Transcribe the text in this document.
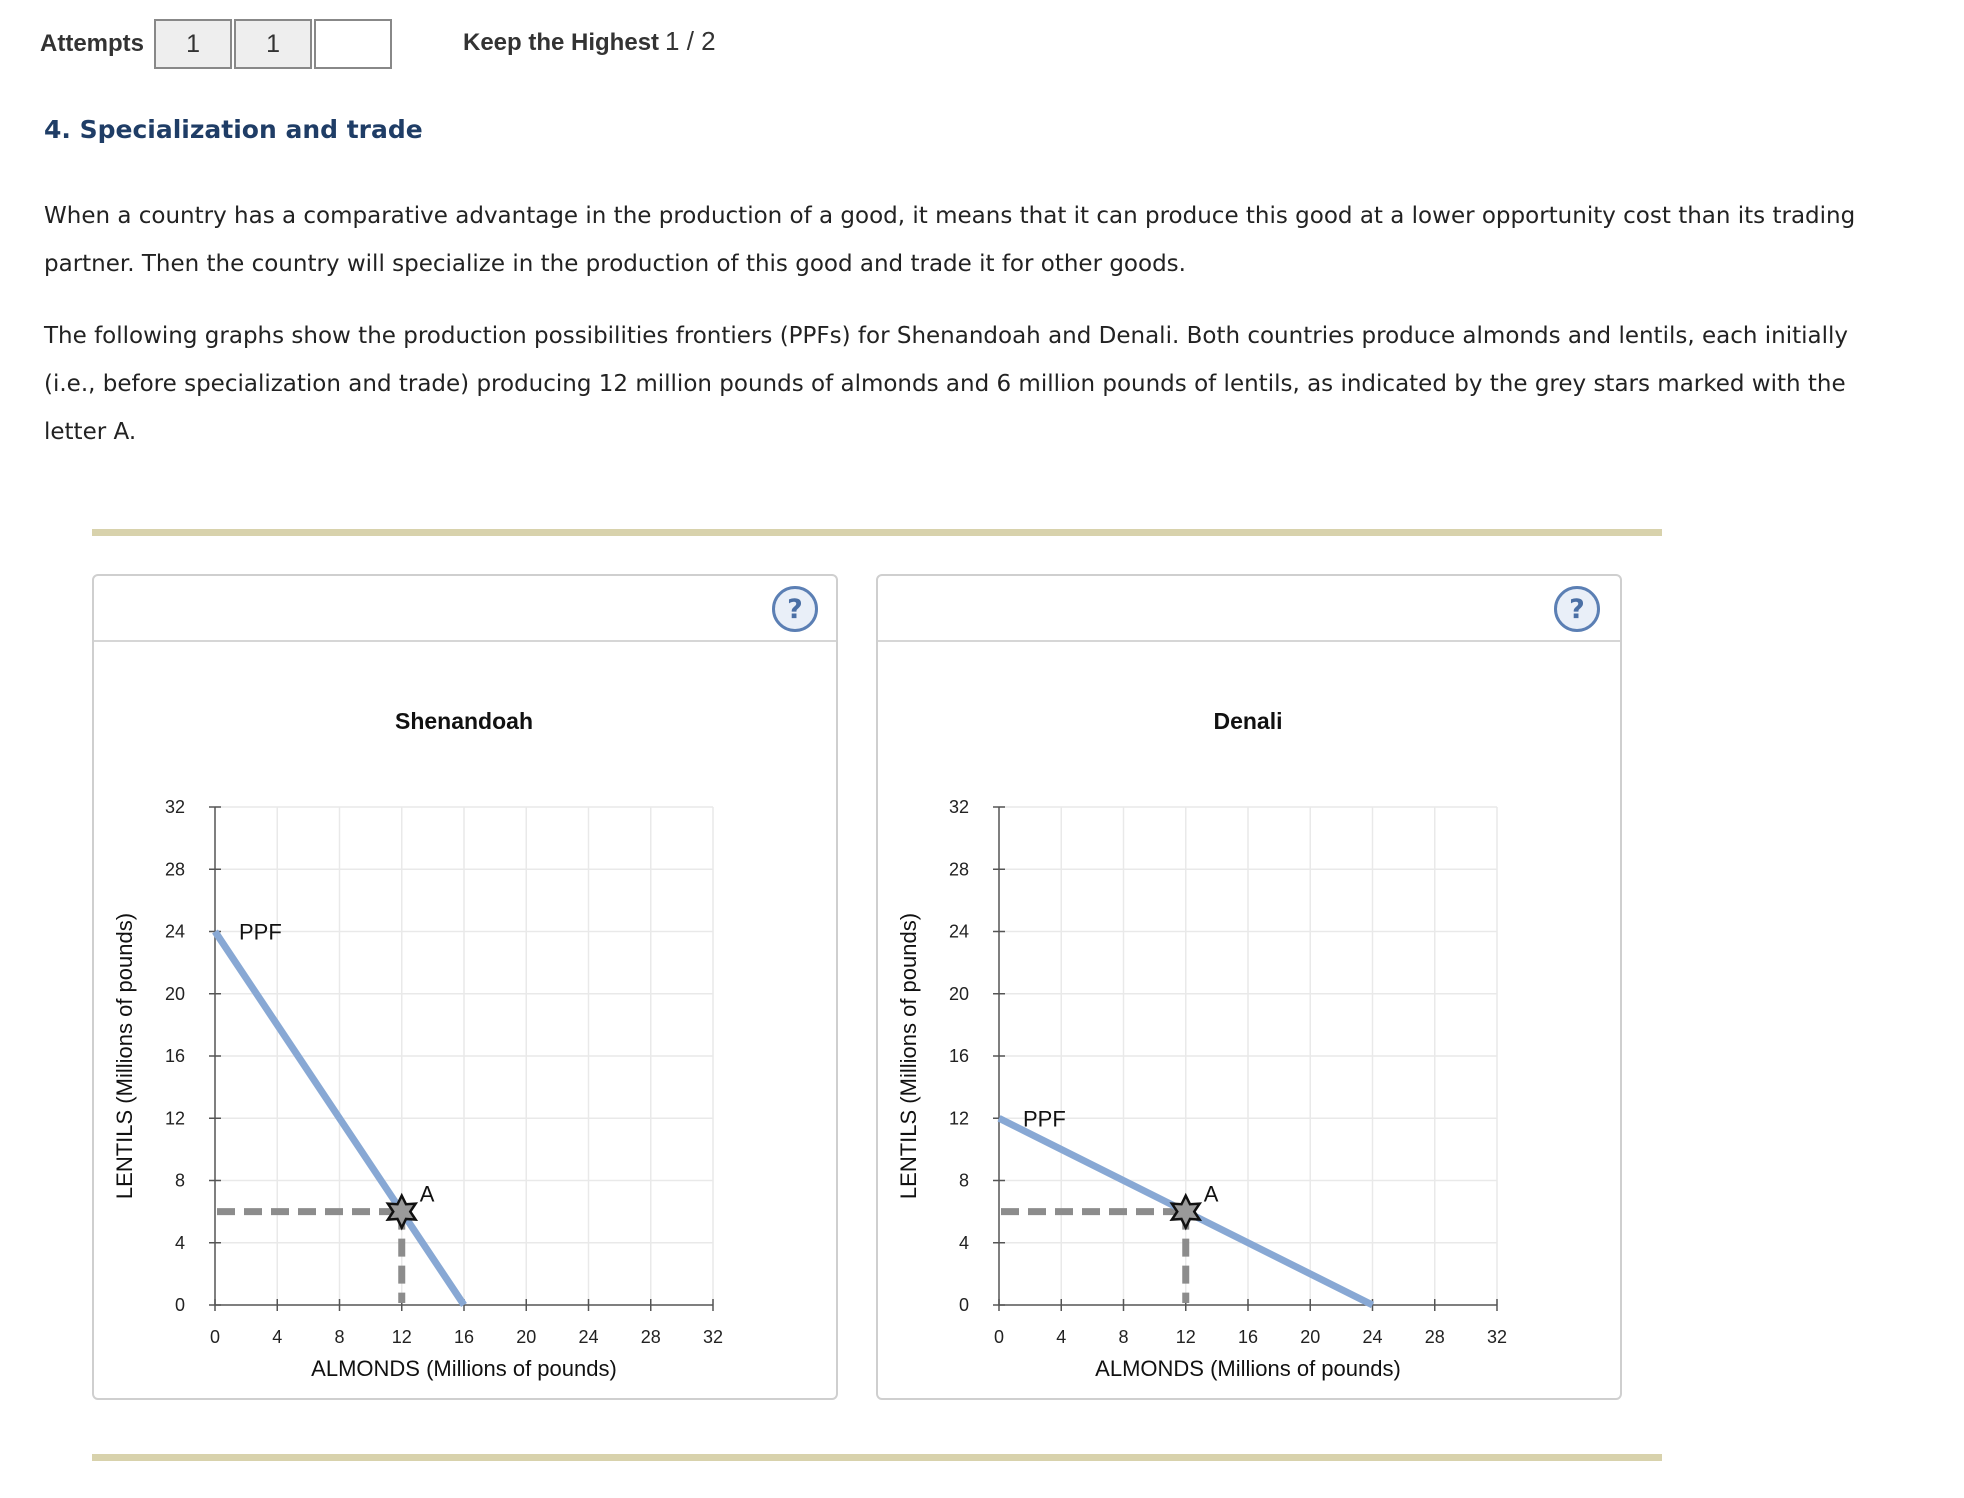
Attempts	1	1	Keep the Highest 1 / 2
4. Specialization and trade

When a country has a comparative advantage in the production of a good, it means that it can produce this good at a lower opportunity cost than its trading partner. Then the country will specialize in the production of this good and trade it for other goods.

The following graphs show the production possibilities frontiers (PPFs) for Shenandoah and Denali. Both countries produce almonds and lentils, each initially (i.e., before specialization and trade) producing 12 million pounds of almonds and 6 million pounds of lentils, as indicated by the grey stars marked with the letter A.

?
Shenandoah
0	4	8	12 16 20 24 28 32
0
4
8
12
16
20
24
28
32
ALMONDS (Millions of pounds)
LENTILS (Millions of pounds)	PPF
A
?
Denali
0	4	8	12 16 20 24 28 32
0
4
8
12
16
20
24
28
32
ALMONDS (Millions of pounds)
LENTILS (Millions of pounds)	PPF
A
